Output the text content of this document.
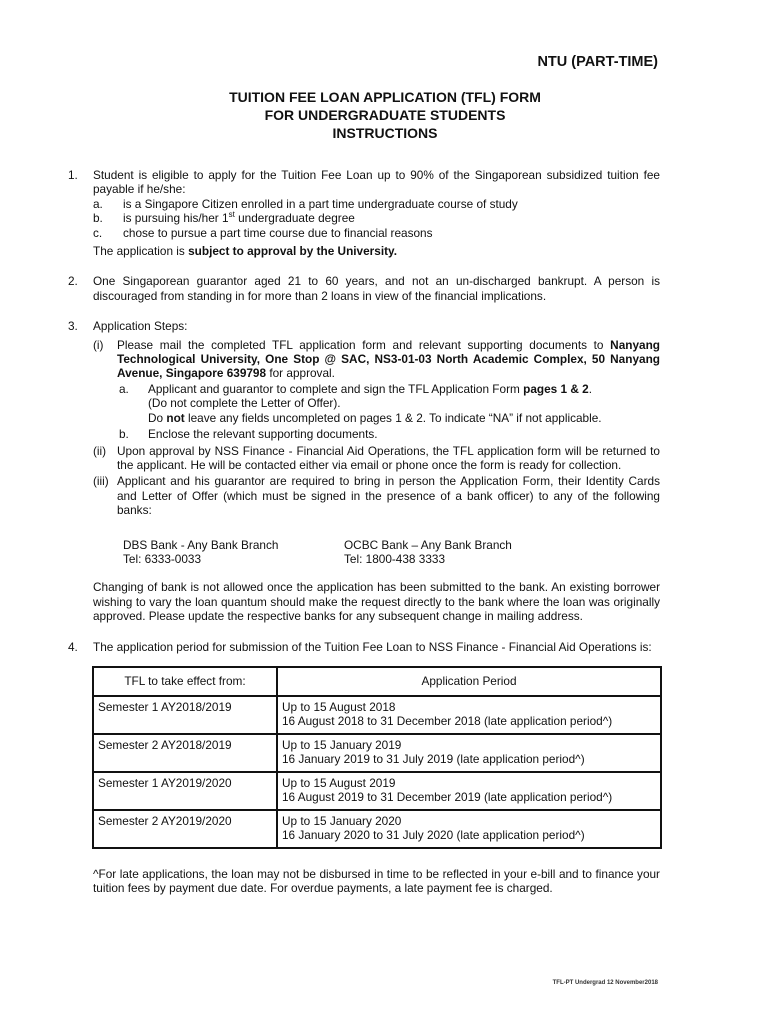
NTU (PART-TIME)
TUITION FEE LOAN APPLICATION (TFL) FORM
FOR UNDERGRADUATE STUDENTS
INSTRUCTIONS
1. Student is eligible to apply for the Tuition Fee Loan up to 90% of the Singaporean subsidized tuition fee payable if he/she:
a. is a Singapore Citizen enrolled in a part time undergraduate course of study
b. is pursuing his/her 1st undergraduate degree
c. chose to pursue a part time course due to financial reasons
The application is subject to approval by the University.
2. One Singaporean guarantor aged 21 to 60 years, and not an un-discharged bankrupt. A person is discouraged from standing in for more than 2 loans in view of the financial implications.
3. Application Steps:
(i) Please mail the completed TFL application form and relevant supporting documents to Nanyang Technological University, One Stop @ SAC, NS3-01-03 North Academic Complex, 50 Nanyang Avenue, Singapore 639798 for approval.
a. Applicant and guarantor to complete and sign the TFL Application Form pages 1 & 2.
(Do not complete the Letter of Offer).
Do not leave any fields uncompleted on pages 1 & 2. To indicate “NA” if not applicable.
b. Enclose the relevant supporting documents.
(ii) Upon approval by NSS Finance - Financial Aid Operations, the TFL application form will be returned to the applicant. He will be contacted either via email or phone once the form is ready for collection.
(iii) Applicant and his guarantor are required to bring in person the Application Form, their Identity Cards and Letter of Offer (which must be signed in the presence of a bank officer) to any of the following banks:
DBS Bank - Any Bank Branch
Tel: 6333-0033
OCBC Bank – Any Bank Branch
Tel: 1800-438 3333
Changing of bank is not allowed once the application has been submitted to the bank. An existing borrower wishing to vary the loan quantum should make the request directly to the bank where the loan was originally approved. Please update the respective banks for any subsequent change in mailing address.
4. The application period for submission of the Tuition Fee Loan to NSS Finance - Financial Aid Operations is:
TFL to take effect from:	Application Period
Semester 1 AY2018/2019	Up to 15 August 2018
16 August 2018 to 31 December 2018 (late application period^)

Semester 2 AY2018/2019	Up to 15 January 2019
16 January 2019 to 31 July 2019 (late application period^)

Semester 1 AY2019/2020	Up to 15 August 2019
16 August 2019 to 31 December 2019 (late application period^)

Semester 2 AY2019/2020	Up to 15 January 2020
16 January 2020 to 31 July 2020 (late application period^)
^For late applications, the loan may not be disbursed in time to be reflected in your e-bill and to finance your tuition fees by payment due date. For overdue payments, a late payment fee is charged.
TFL-PT Undergrad 12 November2018
